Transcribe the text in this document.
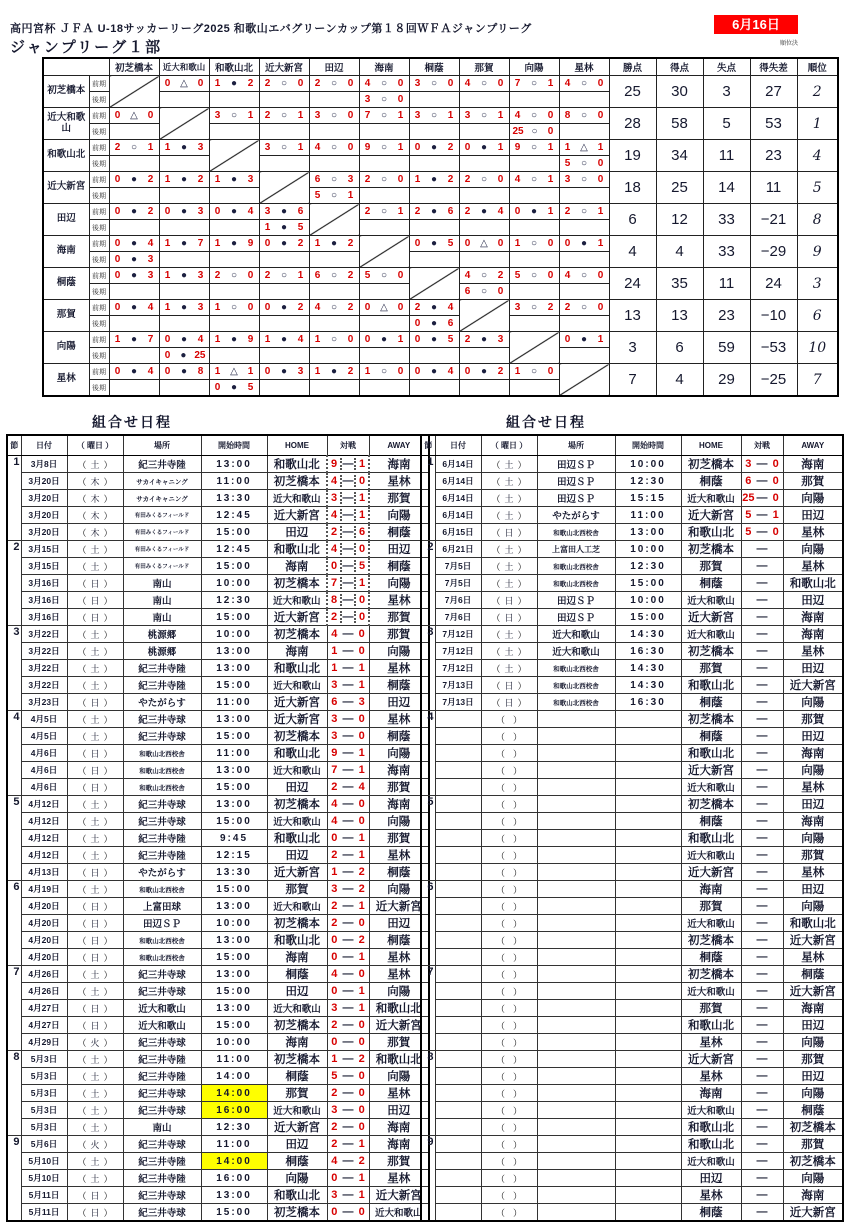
高円宮杯 ＪＦＡ U-18サッカーリーグ2025 和歌山エバグリーンカップ第１８回ＷＦＡジャンプリーグ	6月16日
順位決
ジャンプリーグ１部
		初芝橋本	近大和歌山	和歌山北	近大新宮	田辺	海南	桐蔭	那賀	向陽	星林	勝点	得点	失点	得失差	順位
初芝橋本	前期		0 △ 0	1 ● 2	2 ○ 0	2 ○ 0	4 ○ 0	3 ○ 0	4 ○ 0	7 ○ 1	4 ○ 0	25	30	3	27	2
	後期						3 ○ 0									

近大和歌山	前期	0 △ 0		3 ○ 1	2 ○ 1	3 ○ 0	7 ○ 1	3 ○ 1	3 ○ 1	4 ○ 0	8 ○ 0	28	58	5	53	1
	後期									25 ○ 0						

和歌山北	前期	2 ○ 1	1 ● 3		3 ○ 1	4 ○ 0	9 ○ 1	0 ● 2	0 ● 1	9 ○ 1	1 △ 1	19	34	11	23	4
	後期										5 ○ 0					

近大新宮	前期	0 ● 2	1 ● 2	1 ● 3		6 ○ 3	2 ○ 0	1 ● 2	2 ○ 0	4 ○ 1	3 ○ 0	18	25	14	11	5
	後期					5 ○ 1										

田辺	前期	0 ● 2	0 ● 3	0 ● 4	3 ● 6		2 ○ 1	2 ● 6	2 ● 4	0 ● 1	2 ○ 1	6	12	33	−21	8
	後期				1 ● 5											

海南	前期	0 ● 4	1 ● 7	1 ● 9	0 ● 2	1 ● 2		0 ● 5	0 △ 0	1 ○ 0	0 ● 1	4	4	33	−29	9
	後期	0 ● 3														

桐蔭	前期	0 ● 3	1 ● 3	2 ○ 0	2 ○ 1	6 ○ 2	5 ○ 0		4 ○ 2	5 ○ 0	4 ○ 0	24	35	11	24	3
	後期								6 ○ 0							

那賀	前期	0 ● 4	1 ● 3	1 ○ 0	0 ● 2	4 ○ 2	0 △ 0	2 ● 4		3 ○ 2	2 ○ 0	13	13	23	−10	6
	後期							0 ● 6								

向陽	前期	1 ● 7	0 ● 4	1 ● 9	1 ● 4	1 ○ 0	0 ● 1	0 ● 5	2 ● 3		0 ● 1	3	6	59	−53	10
	後期		0 ● 25													

星林	前期	0 ● 4	0 ● 8	1 △ 1	0 ● 3	1 ● 2	1 ○ 0	0 ● 4	0 ● 2	1 ○ 0		7	4	29	−25	7
	後期			0 ● 5												

組合せ日程
節	日付	（ 曜日 ）	場所	開始時間	HOME	対戦	AWAY
1	3月8日	（ 土 ）	紀三井寺陸	13:00	和歌山北	9 — 1	海南
	3月20日	（ 木 ）	サカイキャニング	11:00	初芝橋本	4 — 0	星林
	3月20日	（ 木 ）	サカイキャニング	13:30	近大和歌山	3 — 1	那賀
	3月20日	（ 木 ）	有田みくるフィールド	12:45	近大新宮	4 — 1	向陽
	3月20日	（ 木 ）	有田みくるフィールド	15:00	田辺	2 — 6	桐蔭
2	3月15日	（ 土 ）	有田みくるフィールド	12:45	和歌山北	4 — 0	田辺
	3月15日	（ 土 ）	有田みくるフィールド	15:00	海南	0 — 5	桐蔭
	3月16日	（ 日 ）	南山	10:00	初芝橋本	7 — 1	向陽
	3月16日	（ 日 ）	南山	12:30	近大和歌山	8 — 0	星林
	3月16日	（ 日 ）	南山	15:00	近大新宮	2 — 0	那賀
3	3月22日	（ 土 ）	桃源郷	10:00	初芝橋本	4 — 0	那賀
	3月22日	（ 土 ）	桃源郷	13:00	海南	1 — 0	向陽
	3月22日	（ 土 ）	紀三井寺陸	13:00	和歌山北	1 — 1	星林
	3月22日	（ 土 ）	紀三井寺陸	15:00	近大和歌山	3 — 1	桐蔭
	3月23日	（ 日 ）	やたがらす	11:00	近大新宮	6 — 3	田辺
4	4月5日	（ 土 ）	紀三井寺球	13:00	近大新宮	3 — 0	星林
	4月5日	（ 土 ）	紀三井寺球	15:00	初芝橋本	3 — 0	桐蔭
	4月6日	（ 日 ）	和歌山北西校舎	11:00	和歌山北	9 — 1	向陽
	4月6日	（ 日 ）	和歌山北西校舎	13:00	近大和歌山	7 — 1	海南
	4月6日	（ 日 ）	和歌山北西校舎	15:00	田辺	2 — 4	那賀
5	4月12日	（ 土 ）	紀三井寺球	13:00	初芝橋本	4 — 0	海南
	4月12日	（ 土 ）	紀三井寺球	15:00	近大和歌山	4 — 0	向陽
	4月12日	（ 土 ）	紀三井寺陸	9:45	和歌山北	0 — 1	那賀
	4月12日	（ 土 ）	紀三井寺陸	12:15	田辺	2 — 1	星林
	4月13日	（ 日 ）	やたがらす	13:30	近大新宮	1 — 2	桐蔭
6	4月19日	（ 土 ）	和歌山北西校舎	15:00	那賀	3 — 2	向陽
	4月20日	（ 日 ）	上富田球	13:00	近大和歌山	2 — 1	近大新宮
	4月20日	（ 日 ）	田辺ＳＰ	10:00	初芝橋本	2 — 0	田辺
	4月20日	（ 日 ）	和歌山北西校舎	13:00	和歌山北	0 — 2	桐蔭
	4月20日	（ 日 ）	和歌山北西校舎	15:00	海南	0 — 1	星林
7	4月26日	（ 土 ）	紀三井寺球	13:00	桐蔭	4 — 0	星林
	4月26日	（ 土 ）	紀三井寺球	15:00	田辺	0 — 1	向陽
	4月27日	（ 日 ）	近大和歌山	13:00	近大和歌山	3 — 1	和歌山北
	4月27日	（ 日 ）	近大和歌山	15:00	初芝橋本	2 — 0	近大新宮
	4月29日	（ 火 ）	紀三井寺球	10:00	海南	0 — 0	那賀
8	5月3日	（ 土 ）	紀三井寺陸	11:00	初芝橋本	1 — 2	和歌山北
	5月3日	（ 土 ）	紀三井寺陸	14:00	桐蔭	5 — 0	向陽
	5月3日	（ 土 ）	紀三井寺球	14:00	那賀	2 — 0	星林
	5月3日	（ 土 ）	紀三井寺球	16:00	近大和歌山	3 — 0	田辺
	5月3日	（ 土 ）	南山	12:30	近大新宮	2 — 0	海南
9	5月6日	（ 火 ）	紀三井寺球	11:00	田辺	2 — 1	海南
	5月10日	（ 土 ）	紀三井寺陸	14:00	桐蔭	4 — 2	那賀
	5月10日	（ 土 ）	紀三井寺陸	16:00	向陽	0 — 1	星林
	5月11日	（ 日 ）	紀三井寺球	13:00	和歌山北	3 — 1	近大新宮
	5月11日	（ 日 ）	紀三井寺球	15:00	初芝橋本	0 — 0	近大和歌山
組合せ日程
節	日付	（ 曜日 ）	場所	開始時間	HOME	対戦	AWAY
1	6月14日	（ 土 ）	田辺ＳＰ	10:00	初芝橋本	3 — 0	海南
	6月14日	（ 土 ）	田辺ＳＰ	12:30	桐蔭	6 — 0	那賀
	6月14日	（ 土 ）	田辺ＳＰ	15:15	近大和歌山	25 — 0	向陽
	6月14日	（ 土 ）	やたがらす	11:00	近大新宮	5 — 1	田辺
	6月15日	（ 日 ）	和歌山北西校舎	13:00	和歌山北	5 — 0	星林
2	6月21日	（ 土 ）	上富田人工芝	10:00	初芝橋本	—	向陽
	7月5日	（ 土 ）	和歌山北西校舎	12:30	那賀	—	星林
	7月5日	（ 土 ）	和歌山北西校舎	15:00	桐蔭	—	和歌山北
	7月6日	（ 日 ）	田辺ＳＰ	10:00	近大和歌山	—	田辺
	7月6日	（ 日 ）	田辺ＳＰ	15:00	近大新宮	—	海南
3	7月12日	（ 土 ）	近大和歌山	14:30	近大和歌山	—	海南
	7月12日	（ 土 ）	近大和歌山	16:30	初芝橋本	—	星林
	7月12日	（ 土 ）	和歌山北西校舎	14:30	那賀	—	田辺
	7月13日	（ 日 ）	和歌山北西校舎	14:30	和歌山北	—	近大新宮
	7月13日	（ 日 ）	和歌山北西校舎	16:30	桐蔭	—	向陽
4		（ ）			初芝橋本	—	那賀
		（ ）			桐蔭	—	田辺
		（ ）			和歌山北	—	海南
		（ ）			近大新宮	—	向陽
		（ ）			近大和歌山	—	星林
5		（ ）			初芝橋本	—	田辺
		（ ）			桐蔭	—	海南
		（ ）			和歌山北	—	向陽
		（ ）			近大和歌山	—	那賀
		（ ）			近大新宮	—	星林
6		（ ）			海南	—	田辺
		（ ）			那賀	—	向陽
		（ ）			近大和歌山	—	和歌山北
		（ ）			初芝橋本	—	近大新宮
		（ ）			桐蔭	—	星林
7		（ ）			初芝橋本	—	桐蔭
		（ ）			近大和歌山	—	近大新宮
		（ ）			那賀	—	海南
		（ ）			和歌山北	—	田辺
		（ ）			星林	—	向陽
8		（ ）			近大新宮	—	那賀
		（ ）			星林	—	田辺
		（ ）			海南	—	向陽
		（ ）			近大和歌山	—	桐蔭
		（ ）			和歌山北	—	初芝橋本
9		（ ）			和歌山北	—	那賀
		（ ）			近大和歌山	—	初芝橋本
		（ ）			田辺	—	向陽
		（ ）			星林	—	海南
		（ ）			桐蔭	—	近大新宮
